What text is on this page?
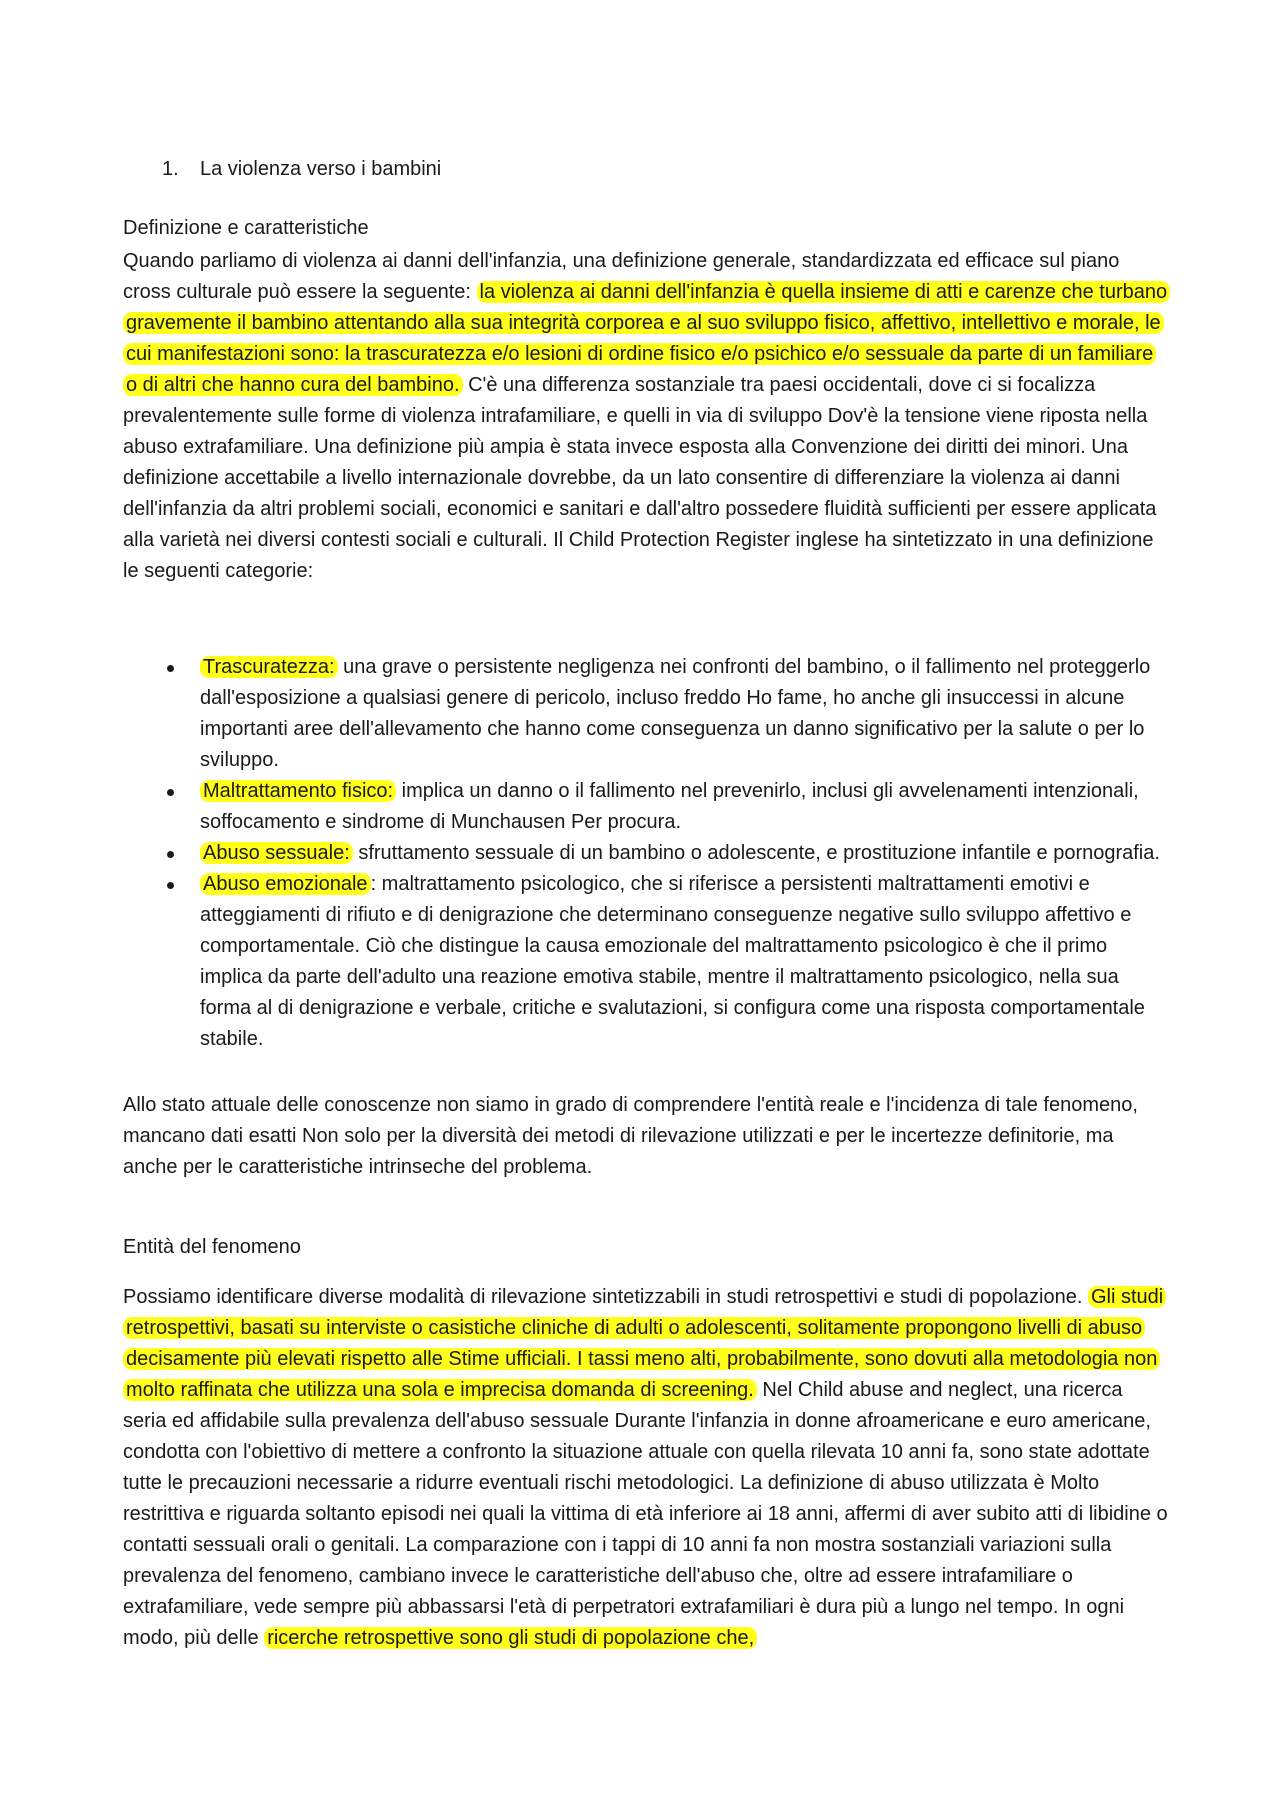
1. La violenza verso i bambini
Definizione e caratteristiche

Quando parliamo di violenza ai danni dell'infanzia, una definizione generale, standardizzata ed efficace sul piano cross culturale può essere la seguente: la violenza ai danni dell'infanzia è quella insieme di atti e carenze che turbano gravemente il bambino attentando alla sua integrità corporea e al suo sviluppo fisico, affettivo, intellettivo e morale, le cui manifestazioni sono: la trascuratezza e/o lesioni di ordine fisico e/o psichico e/o sessuale da parte di un familiare o di altri che hanno cura del bambino. C'è una differenza sostanziale tra paesi occidentali, dove ci si focalizza prevalentemente sulle forme di violenza intrafamiliare, e quelli in via di sviluppo Dov'è la tensione viene riposta nella abuso extrafamiliare. Una definizione più ampia è stata invece esposta alla Convenzione dei diritti dei minori. Una definizione accettabile a livello internazionale dovrebbe, da un lato consentire di differenziare la violenza ai danni dell'infanzia da altri problemi sociali, economici e sanitari e dall'altro possedere fluidità sufficienti per essere applicata alla varietà nei diversi contesti sociali e culturali. Il Child Protection Register inglese ha sintetizzato in una definizione le seguenti categorie:

Trascuratezza: una grave o persistente negligenza nei confronti del bambino, o il fallimento nel proteggerlo dall'esposizione a qualsiasi genere di pericolo, incluso freddo Ho fame, ho anche gli insuccessi in alcune importanti aree dell'allevamento che hanno come conseguenza un danno significativo per la salute o per lo sviluppo.
Maltrattamento fisico: implica un danno o il fallimento nel prevenirlo, inclusi gli avvelenamenti intenzionali, soffocamento e sindrome di Munchausen Per procura.
Abuso sessuale: sfruttamento sessuale di un bambino o adolescente, e prostituzione infantile e pornografia.
Abuso emozionale : maltrattamento psicologico, che si riferisce a persistenti maltrattamenti emotivi e atteggiamenti di rifiuto e di denigrazione che determinano conseguenze negative sullo sviluppo affettivo e comportamentale. Ciò che distingue la causa emozionale del maltrattamento psicologico è che il primo implica da parte dell'adulto una reazione emotiva stabile, mentre il maltrattamento psicologico, nella sua forma al di denigrazione e verbale, critiche e svalutazioni, si configura come una risposta comportamentale stabile.

Allo stato attuale delle conoscenze non siamo in grado di comprendere l'entità reale e l'incidenza di tale fenomeno, mancano dati esatti Non solo per la diversità dei metodi di rilevazione utilizzati e per le incertezze definitorie, ma anche per le caratteristiche intrinseche del problema.

Entità del fenomeno

Possiamo identificare diverse modalità di rilevazione sintetizzabili in studi retrospettivi e studi di popolazione. Gli studi retrospettivi, basati su interviste o casistiche cliniche di adulti o adolescenti, solitamente propongono livelli di abuso decisamente più elevati rispetto alle Stime ufficiali. I tassi meno alti, probabilmente, sono dovuti alla metodologia non molto raffinata che utilizza una sola e imprecisa domanda di screening. Nel Child abuse and neglect, una ricerca seria ed affidabile sulla prevalenza dell'abuso sessuale Durante l'infanzia in donne afroamericane e euro americane, condotta con l'obiettivo di mettere a confronto la situazione attuale con quella rilevata 10 anni fa, sono state adottate tutte le precauzioni necessarie a ridurre eventuali rischi metodologici. La definizione di abuso utilizzata è Molto restrittiva e riguarda soltanto episodi nei quali la vittima di età inferiore ai 18 anni, affermi di aver subito atti di libidine o contatti sessuali orali o genitali. La comparazione con i tappi di 10 anni fa non mostra sostanziali variazioni sulla prevalenza del fenomeno, cambiano invece le caratteristiche dell'abuso che, oltre ad essere intrafamiliare o extrafamiliare, vede sempre più abbassarsi l'età di perpetratori extrafamiliari è dura più a lungo nel tempo. In ogni modo, più delle ricerche retrospettive sono gli studi di popolazione che,
